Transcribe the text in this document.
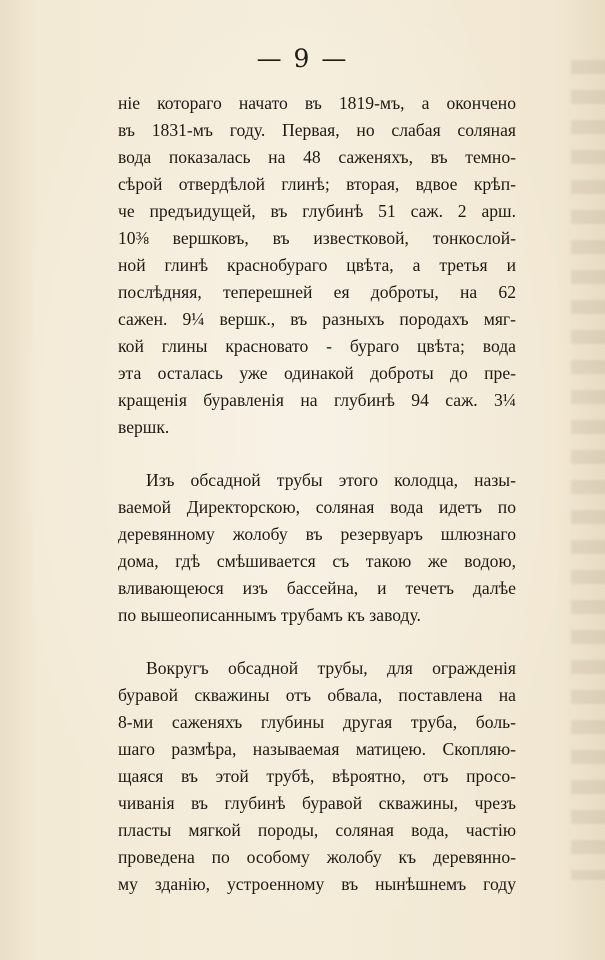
— 9 —
ніе котораго начато въ 1819-мъ, а окончено
въ 1831-мъ году. Первая, но слабая соляная
вода показалась на 48 саженяхъ, въ темно-
сѣрой отвердѣлой глинѣ; вторая, вдвое крѣп-
че предъидущей, въ глубинѣ 51 саж. 2 арш.
10⅜ вершковъ, въ известковой, тонкослой-
ной глинѣ краснобураго цвѣта, а третья и
послѣдняя, теперешней ея доброты, на 62
сажен. 9¼ вершк., въ разныхъ породахъ мяг-
кой глины красновато - бураго цвѣта; вода
эта осталась уже одинакой доброты до пре-
кращенія буравленія на глубинѣ 94 саж. 3¼
вершк.
Изъ обсадной трубы этого колодца, назы-
ваемой Директорскою, соляная вода идетъ по
деревянному жолобу въ резервуаръ шлюзнаго
дома, гдѣ смѣшивается съ такою же водою,
вливающеюся изъ бассейна, и течетъ далѣе
по вышеописаннымъ трубамъ къ заводу.
Вокругъ обсадной трубы, для огражденія
буравой скважины отъ обвала, поставлена на
8-ми саженяхъ глубины другая труба, боль-
шаго размѣра, называемая матицею. Скопляю-
щаяся въ этой трубѣ, вѣроятно, отъ просо-
чиванія въ глубинѣ буравой скважины, чрезъ
пласты мягкой породы, соляная вода, частію
проведена по особому жолобу къ деревянно-
му зданію, устроенному въ нынѣшнемъ году
